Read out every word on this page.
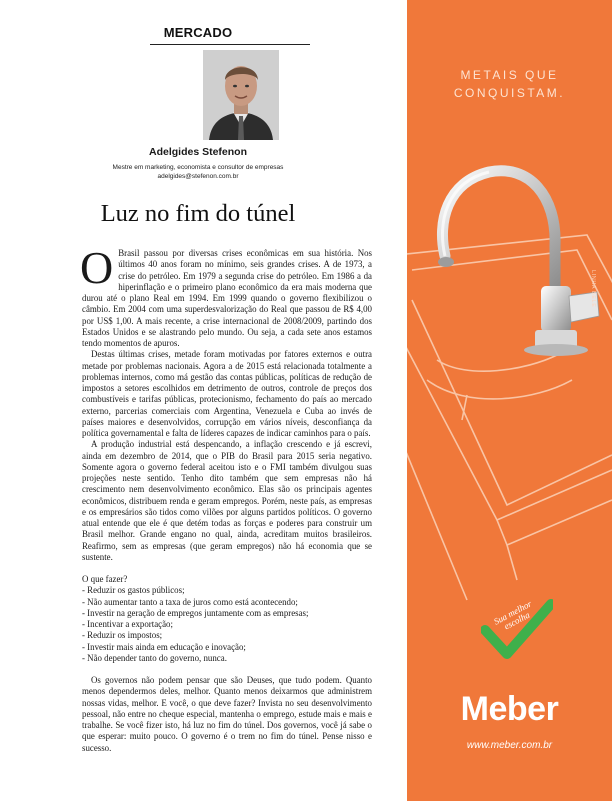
MERCADO
Adelgides Stefenon
Mestre em marketing, economista e consultor de empresas
adelgides@stefenon.com.br
Luz no fim do túnel

O Brasil passou por diversas crises econômicas em sua história. Nos últimos 40 anos foram no mínimo, seis grandes crises. A de 1973, a crise do petróleo. Em 1979 a segunda crise do petróleo. Em 1986 a da hiperinflação e o primeiro plano econômico da era mais moderna que durou até o plano Real em 1994. Em 1999 quando o governo flexibilizou o câmbio. Em 2004 com uma superdesvalorização do Real que passou de R$ 4,00 por US$ 1,00. A mais recente, a crise internacional de 2008/2009, partindo dos Estados Unidos e se alastrando pelo mundo. Ou seja, a cada sete anos estamos tendo momentos de apuros.

Destas últimas crises, metade foram motivadas por fatores externos e outra metade por problemas nacionais. Agora a de 2015 está relacionada totalmente a problemas internos, como má gestão das contas públicas, políticas de redução de impostos a setores escolhidos em detrimento de outros, controle de preços dos combustíveis e tarifas públicas, protecionismo, fechamento do país ao mercado externo, parcerias comerciais com Argentina, Venezuela e Cuba ao invés de países maiores e desenvolvidos, corrupção em vários níveis, desconfiança da política governamental e falta de líderes capazes de indicar caminhos para o país.

A produção industrial está despencando, a inflação crescendo e já escrevi, ainda em dezembro de 2014, que o PIB do Brasil para 2015 seria negativo. Somente agora o governo federal aceitou isto e o FMI também divulgou suas projeções neste sentido. Tenho dito também que sem empresas não há crescimento nem desenvolvimento econômico. Elas são os principais agentes econômicos, distribuem renda e geram empregos. Porém, neste país, as empresas e os empresários são tidos como vilões por alguns partidos políticos. O governo atual entende que ele é que detém todas as forças e poderes para construir um Brasil melhor. Grande engano no qual, ainda, acreditam muitos brasileiros. Reafirmo, sem as empresas (que geram empregos) não há economia que se sustente.

O que fazer?
- Reduzir os gastos públicos;
- Não aumentar tanto a taxa de juros como está acontecendo;
- Investir na geração de empregos juntamente com as empresas;
- Incentivar a exportação;
- Reduzir os impostos;
- Investir mais ainda em educação e inovação;
- Não depender tanto do governo, nunca.

Os governos não podem pensar que são Deuses, que tudo podem. Quanto menos dependermos deles, melhor. Quanto menos deixarmos que administrem nossas vidas, melhor. E você, o que deve fazer? Invista no seu desenvolvimento pessoal, não entre no cheque especial, mantenha o emprego, estude mais e mais e trabalhe. Se você fizer isto, há luz no fim do túnel. Dos governos, você já sabe o que esperar: muito pouco. O governo é o trem no fim do túnel. Pense nisso e sucesso.

METAIS QUE
CONQUISTAM.
LINHA BELE
Sua melhor escolha
Meber
www.meber.com.br
